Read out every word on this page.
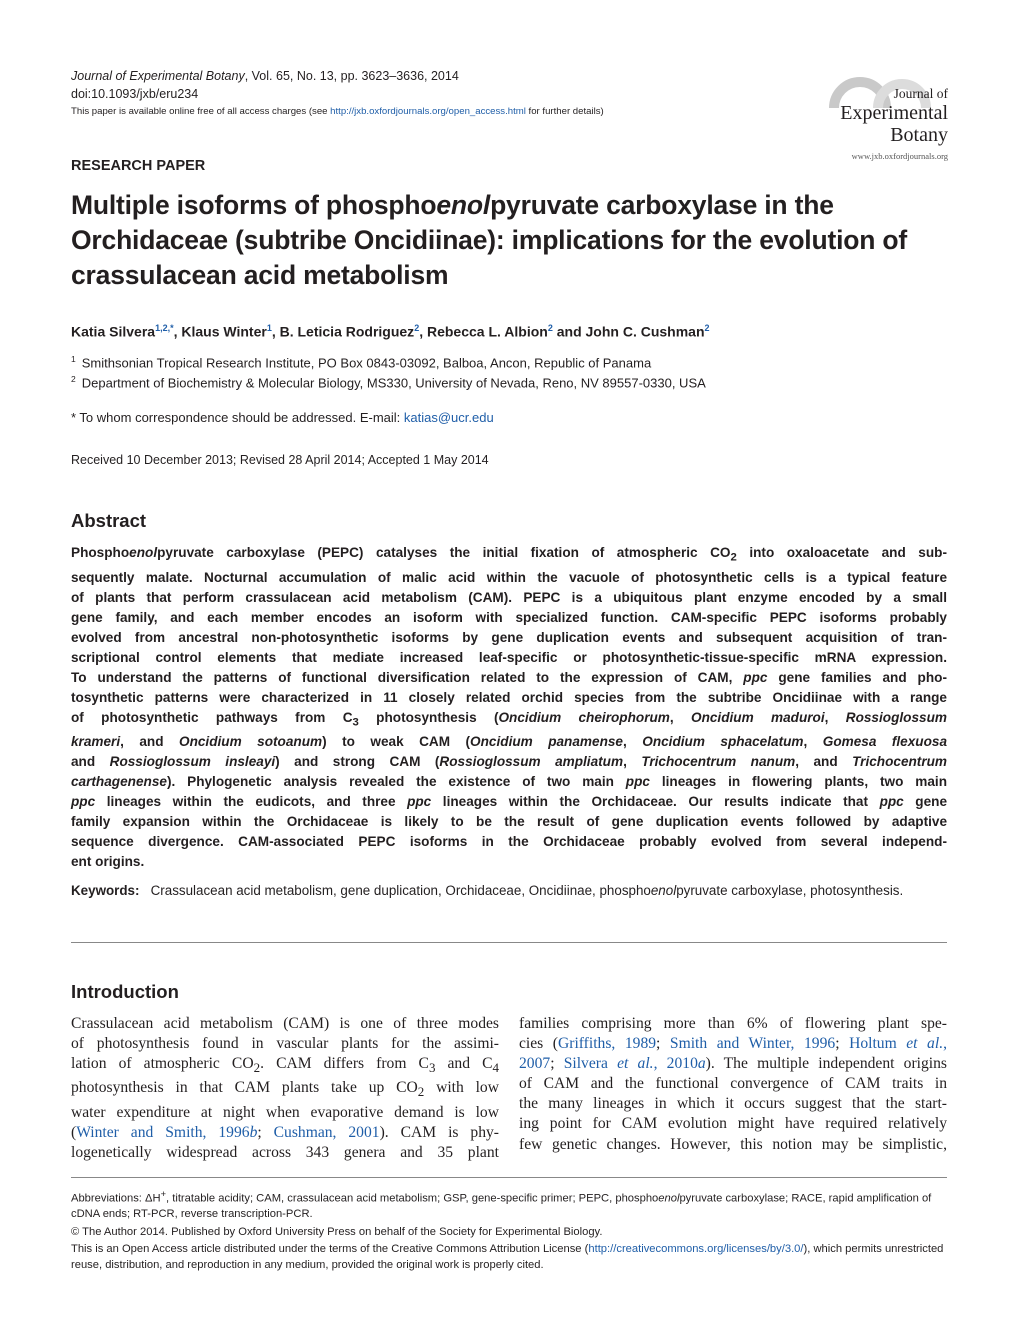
Journal of Experimental Botany, Vol. 65, No. 13, pp. 3623–3636, 2014
doi:10.1093/jxb/eru234
This paper is available online free of all access charges (see http://jxb.oxfordjournals.org/open_access.html for further details)
Journal of
Experimental
Botany
www.jxb.oxfordjournals.org
RESEARCH PAPER
Multiple isoforms of phosphoenolpyruvate carboxylase in the Orchidaceae (subtribe Oncidiinae): implications for the evolution of crassulacean acid metabolism
Katia Silvera$^{1,2,*}$, Klaus Winter$^1$, B. Leticia Rodriguez$^2$, Rebecca L. Albion$^2$ and John C. Cushman$^2$
$^1$ Smithsonian Tropical Research Institute, PO Box 0843-03092, Balboa, Ancon, Republic of Panama
$^2$ Department of Biochemistry & Molecular Biology, MS330, University of Nevada, Reno, NV 89557-0330, USA
* To whom correspondence should be addressed. E-mail: katias@ucr.edu
Received 10 December 2013; Revised 28 April 2014; Accepted 1 May 2014
Abstract
Phosphoenolpyruvate carboxylase (PEPC) catalyses the initial fixation of atmospheric $CO_2$ into oxaloacetate and sub-
sequently malate. Nocturnal accumulation of malic acid within the vacuole of photosynthetic cells is a typical feature
of plants that perform crassulacean acid metabolism (CAM). PEPC is a ubiquitous plant enzyme encoded by a small
gene family, and each member encodes an isoform with specialized function. CAM-specific PEPC isoforms probably
evolved from ancestral non-photosynthetic isoforms by gene duplication events and subsequent acquisition of tran-
scriptional control elements that mediate increased leaf-specific or photosynthetic-tissue-specific mRNA expression.
To understand the patterns of functional diversification related to the expression of CAM, ppc gene families and pho-
tosynthetic patterns were characterized in 11 closely related orchid species from the subtribe Oncidiinae with a range
of photosynthetic pathways from $C_3$ photosynthesis (Oncidium cheirophorum, Oncidium maduroi, Rossioglossum
krameri, and Oncidium sotoanum) to weak CAM (Oncidium panamense, Oncidium sphacelatum, Gomesa flexuosa
and Rossioglossum insleayi) and strong CAM (Rossioglossum ampliatum, Trichocentrum nanum, and Trichocentrum
carthagenense). Phylogenetic analysis revealed the existence of two main ppc lineages in flowering plants, two main
ppc lineages within the eudicots, and three ppc lineages within the Orchidaceae. Our results indicate that ppc gene
family expansion within the Orchidaceae is likely to be the result of gene duplication events followed by adaptive
sequence divergence. CAM-associated PEPC isoforms in the Orchidaceae probably evolved from several independ-
ent origins.
Keywords: Crassulacean acid metabolism, gene duplication, Orchidaceae, Oncidiinae, phosphoenolpyruvate carboxylase, photosynthesis.
Introduction
Crassulacean acid metabolism (CAM) is one of three modes
of photosynthesis found in vascular plants for the assimi-
lation of atmospheric $CO_2$. CAM differs from $C_3$ and $C_4$
photosynthesis in that CAM plants take up $CO_2$ with low
water expenditure at night when evaporative demand is low
(Winter and Smith, 1996b; Cushman, 2001). CAM is phy-
logenetically widespread across 343 genera and 35 plant
families comprising more than 6% of flowering plant spe-
cies (Griffiths, 1989; Smith and Winter, 1996; Holtum et al.,
2007; Silvera et al., 2010a). The multiple independent origins
of CAM and the functional convergence of CAM traits in
the many lineages in which it occurs suggest that the start-
ing point for CAM evolution might have required relatively
few genetic changes. However, this notion may be simplistic,
Abbreviations: ΔH+, titratable acidity; CAM, crassulacean acid metabolism; GSP, gene-specific primer; PEPC, phosphoenolpyruvate carboxylase; RACE, rapid amplification of cDNA ends; RT-PCR, reverse transcription-PCR.
© The Author 2014. Published by Oxford University Press on behalf of the Society for Experimental Biology.
This is an Open Access article distributed under the terms of the Creative Commons Attribution License (http://creativecommons.org/licenses/by/3.0/), which permits unrestricted reuse, distribution, and reproduction in any medium, provided the original work is properly cited.
